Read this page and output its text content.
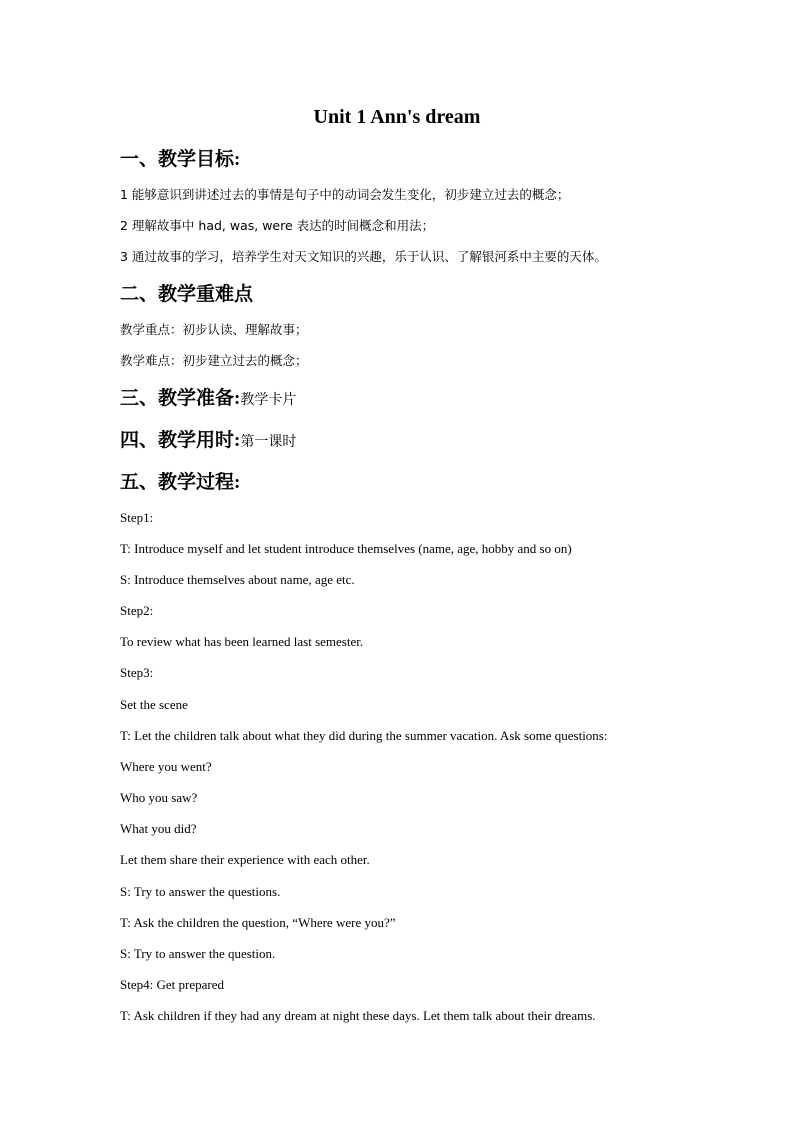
Unit 1 Ann's dream
一、教学目标:
1 能够意识到讲述过去的事情是句子中的动词会发生变化，初步建立过去的概念；
2 理解故事中 had, was, were 表达的时间概念和用法；
3 通过故事的学习，培养学生对天文知识的兴趣，乐于认识、了解银河系中主要的天体。
二、教学重难点
教学重点：初步认读、理解故事；
教学难点：初步建立过去的概念；
三、教学准备:教学卡片
四、教学用时:第一课时
五、教学过程:
Step1:
T: Introduce myself and let student introduce themselves (name, age, hobby and so on)
S: Introduce themselves about name, age etc.
Step2:
To review what has been learned last semester.
Step3:
Set the scene
T: Let the children talk about what they did during the summer vacation. Ask some questions:
Where you went?
Who you saw?
What you did?
Let them share their experience with each other.
S: Try to answer the questions.
T: Ask the children the question, “Where were you?”
S: Try to answer the question.
Step4: Get prepared
T: Ask children if they had any dream at night these days. Let them talk about their dreams.
